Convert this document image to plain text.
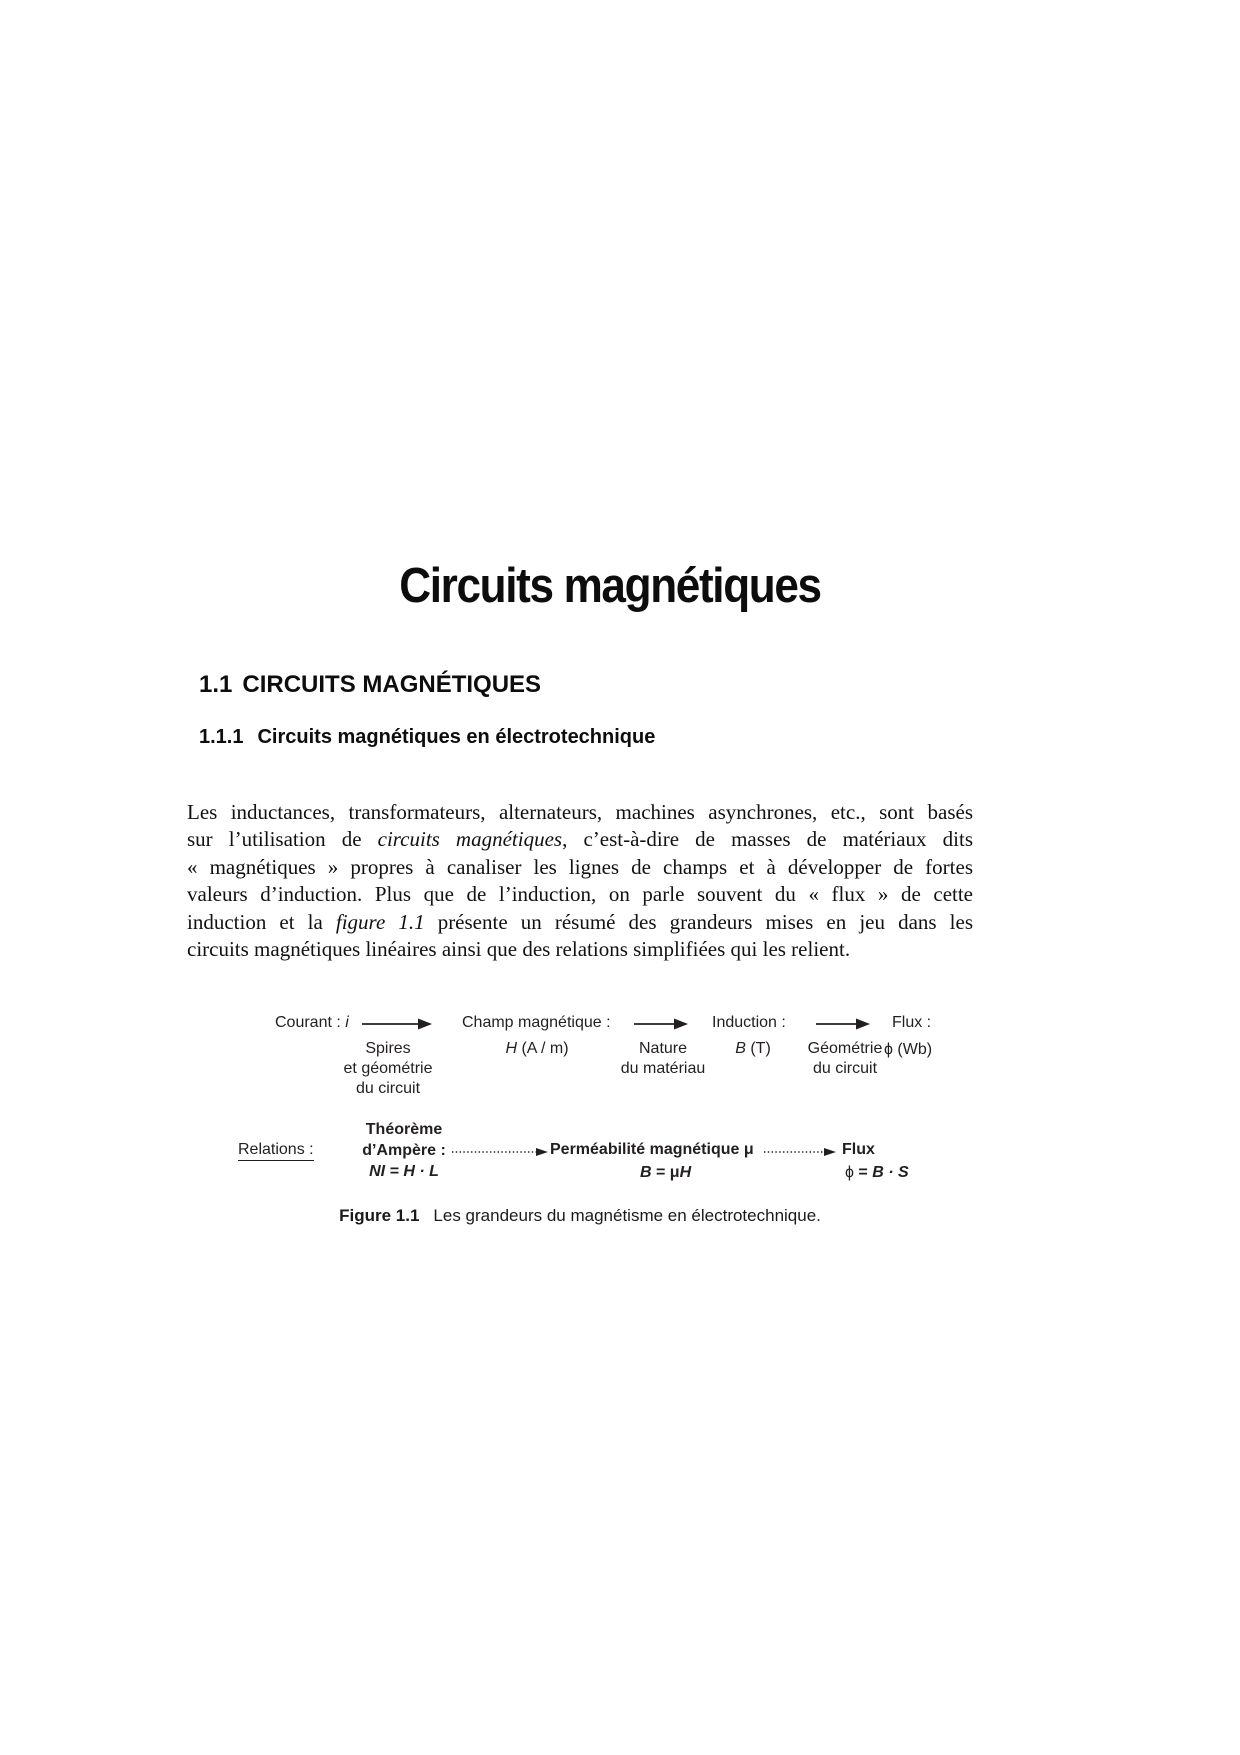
Circuits magnétiques
1.1 CIRCUITS MAGNÉTIQUES
1.1.1 Circuits magnétiques en électrotechnique
Les inductances, transformateurs, alternateurs, machines asynchrones, etc., sont basés
sur l’utilisation de circuits magnétiques, c’est-à-dire de masses de matériaux dits
« magnétiques » propres à canaliser les lignes de champs et à développer de fortes
valeurs d’induction. Plus que de l’induction, on parle souvent du « flux » de cette
induction et la figure 1.1 présente un résumé des grandeurs mises en jeu dans les
circuits magnétiques linéaires ainsi que des relations simplifiées qui les relient.
Courant : i	Champ magnétique :
H (A / m)
Induction :
B (T)
Flux :
ϕ (Wb)
Spires
et géométrie
du circuit
Nature
du matériau
Géométrie
du circuit
Relations :
Théorème
d’Ampère :
NI = H · L
Perméabilité magnétique μ
B = μH
Flux
ϕ = B · S
Figure 1.1 Les grandeurs du magnétisme en électrotechnique.
